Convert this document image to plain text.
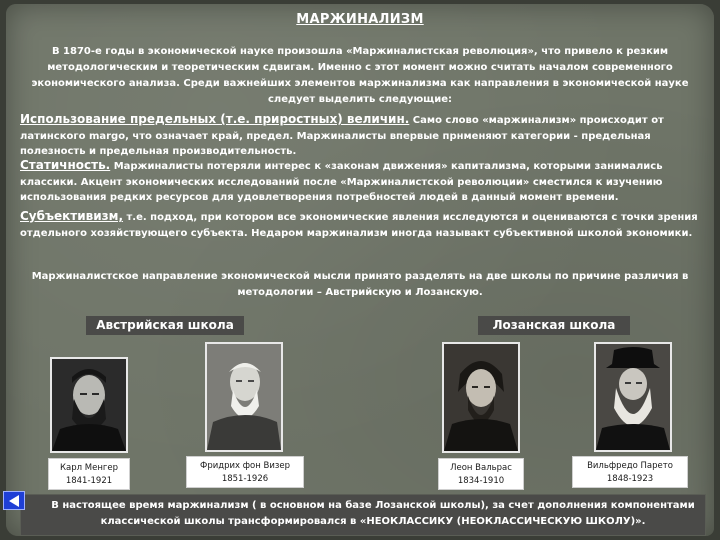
МАРЖИНАЛИЗМ
В 1870-е годы в экономической науке произошла «Маржиналистская революция», что привело к резким методологическим и теоретическим сдвигам. Именно с этот момент можно считать началом современного экономического анализа. Среди важнейших элементов маржинализма как направления в экономической науке следует выделить следующие:
Использование предельных (т.е. приростных) величин. Само слово «маржинализм» происходит от латинского margo, что означает край, предел. Маржиналисты впервые прнменяют категории - предельная полезность и предельная производительность.
Статичность. Маржиналисты потеряли интерес к «законам движения» капитализма, которыми занимались классики. Акцент экономических исследований после «Маржиналистской революции» сместился к изучению использования редких ресурсов для удовлетворения потребностей людей в данный момент времени.
Субъективизм, т.е. подход, при котором все экономические явления исследуются и оцениваются с точки зрения отдельного хозяйствующего субъекта. Недаром маржинализм иногда называкт субъективной школой экономики.
Маржиналистское направление экономической мысли принято разделять на две школы по причине различия в методологии – Австрийскую и Лозанскую.
Австрийская школа	Лозанская школа
Карл Менгер
1841-1921
Фридрих фон Визер
1851-1926
Леон Вальрас
1834-1910
Вильфредо Парето
1848-1923
В настоящее время маржинализм ( в основном на базе Лозанской школы), за счет дополнения компонентами классической школы трансформировался в «НЕОКЛАССИКУ (НЕОКЛАССИЧЕСКУЮ ШКОЛУ)».
